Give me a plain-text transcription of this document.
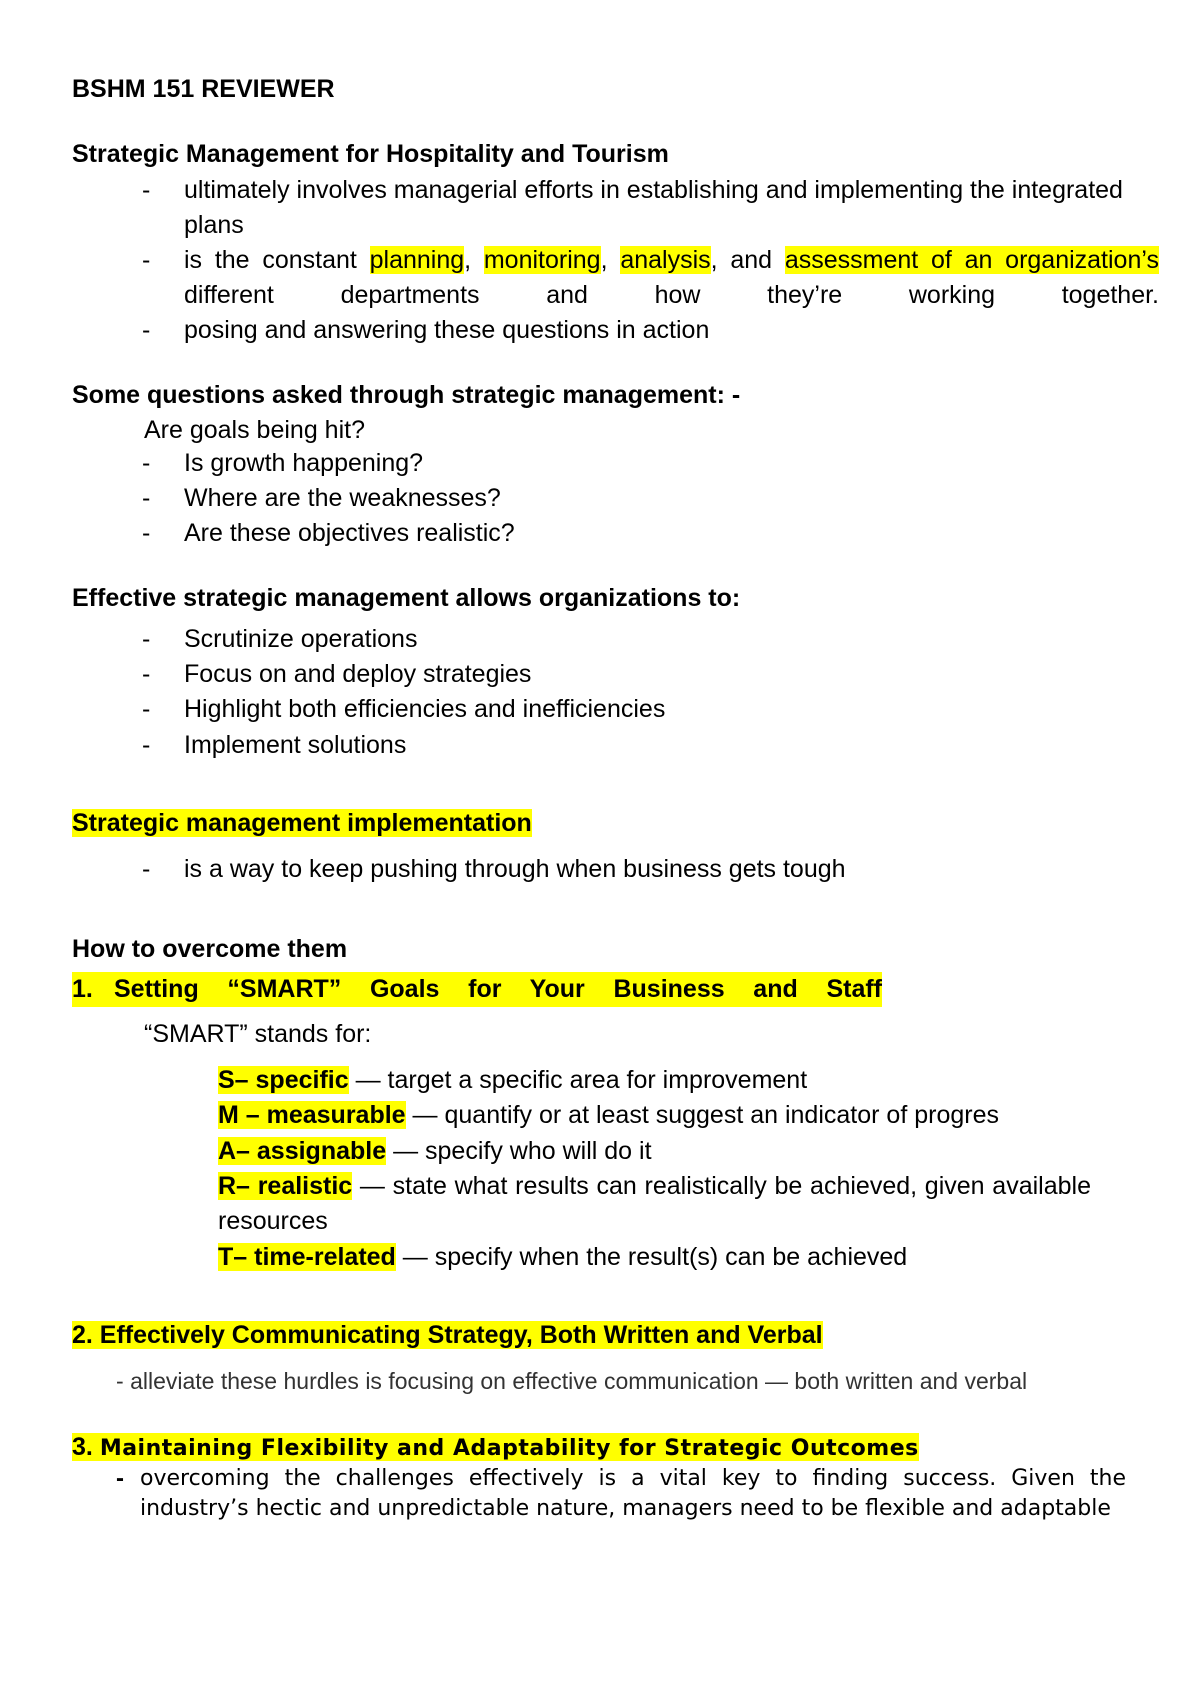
BSHM 151 REVIEWER
Strategic Management for Hospitality and Tourism
- ultimately involves managerial efforts in establishing and implementing the integrated plans
- is the constant planning, monitoring, analysis, and assessment of an organization’s different departments and how they’re working together.
- posing and answering these questions in action
Some questions asked through strategic management: -
Are goals being hit?
- Is growth happening?
- Where are the weaknesses?
- Are these objectives realistic?
Effective strategic management allows organizations to:
- Scrutinize operations
- Focus on and deploy strategies
- Highlight both efficiencies and inefficiencies
- Implement solutions
Strategic management implementation
- is a way to keep pushing through when business gets tough
How to overcome them
1. Setting “SMART” Goals for Your Business and Staff
“SMART” stands for:
S– specific — target a specific area for improvement
M – measurable — quantify or at least suggest an indicator of progres
A– assignable — specify who will do it
R– realistic — state what results can realistically be achieved, given available resources
T– time-related — specify when the result(s) can be achieved
2. Effectively Communicating Strategy, Both Written and Verbal
- alleviate these hurdles is focusing on effective communication — both written and verbal
3. Maintaining Flexibility and Adaptability for Strategic Outcomes
- overcoming the challenges effectively is a vital key to finding success. Given the industry’s hectic and unpredictable nature, managers need to be flexible and adaptable
